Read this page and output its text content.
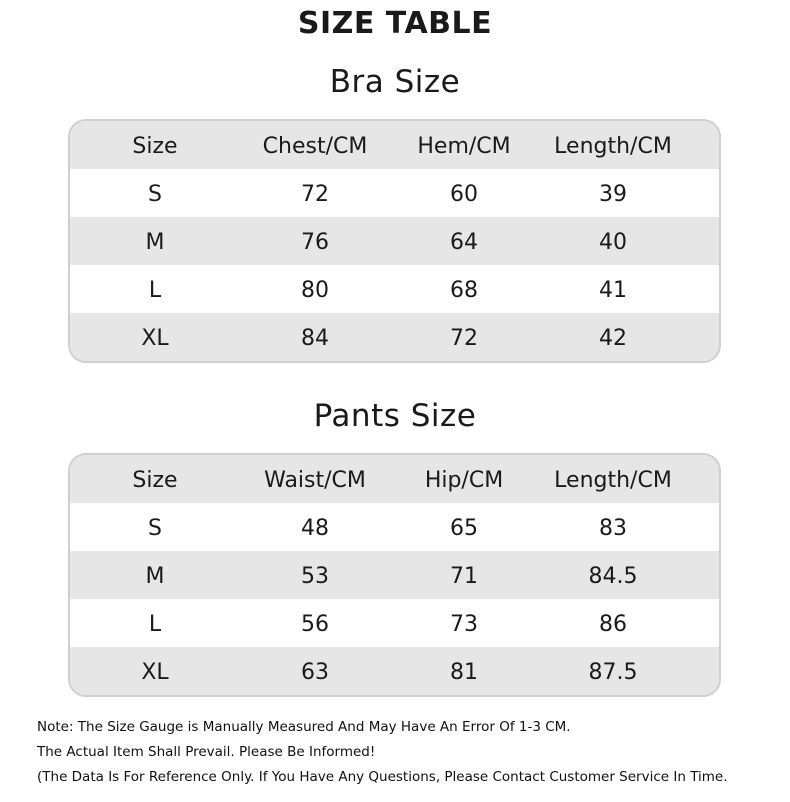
SIZE TABLE
Bra Size
Size	Chest/CM	Hem/CM	Length/CM
S	72	60	39
M	76	64	40
L	80	68	41
XL	84	72	42
Pants Size
Size	Waist/CM	Hip/CM	Length/CM
S	48	65	83
M	53	71	84.5
L	56	73	86
XL	63	81	87.5
Note: The Size Gauge is Manually Measured And May Have An Error Of 1-3 CM.
The Actual Item Shall Prevail. Please Be Informed!
(The Data Is For Reference Only. If You Have Any Questions, Please Contact Customer Service In Time.
